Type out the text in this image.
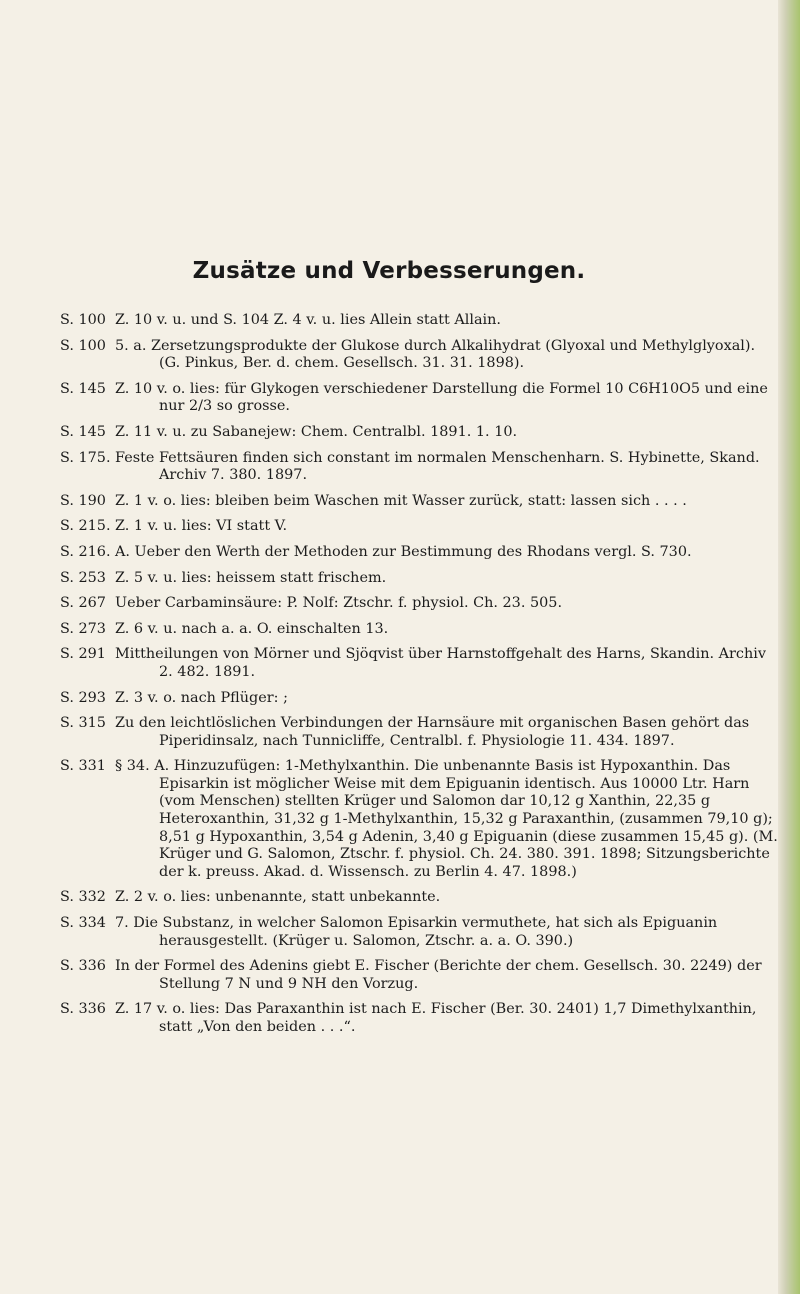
Zusätze und Verbesserungen.
S. 100 Z. 10 v. u. und S. 104 Z. 4 v. u. lies Allein statt Allain.
S. 100 5. a. Zersetzungsprodukte der Glukose durch Alkalihydrat (Glyoxal und Methylglyoxal). (G. Pinkus, Ber. d. chem. Gesellsch. 31. 31. 1898).
S. 145 Z. 10 v. o. lies: für Glykogen verschiedener Darstellung die Formel 10 C6H10O5 und eine nur 2/3 so grosse.
S. 145 Z. 11 v. u. zu Sabanejew: Chem. Centralbl. 1891. 1. 10.
S. 175. Feste Fettsäuren finden sich constant im normalen Menschenharn. S. Hybinette, Skand. Archiv 7. 380. 1897.
S. 190 Z. 1 v. o. lies: bleiben beim Waschen mit Wasser zurück, statt: lassen sich . . . .
S. 215. Z. 1 v. u. lies: VI statt V.
S. 216. A. Ueber den Werth der Methoden zur Bestimmung des Rhodans vergl. S. 730.
S. 253 Z. 5 v. u. lies: heissem statt frischem.
S. 267 Ueber Carbaminsäure: P. Nolf: Ztschr. f. physiol. Ch. 23. 505.
S. 273 Z. 6 v. u. nach a. a. O. einschalten 13.
S. 291 Mittheilungen von Mörner und Sjöqvist über Harnstoffgehalt des Harns, Skandin. Archiv 2. 482. 1891.
S. 293 Z. 3 v. o. nach Pflüger: ;
S. 315 Zu den leichtlöslichen Verbindungen der Harnsäure mit organischen Basen gehört das Piperidinsalz, nach Tunnicliffe, Centralbl. f. Physiologie 11. 434. 1897.
S. 331 § 34. A. Hinzuzufügen: 1-Methylxanthin. Die unbenannte Basis ist Hypoxanthin. Das Episarkin ist möglicher Weise mit dem Epiguanin identisch. Aus 10000 Ltr. Harn (vom Menschen) stellten Krüger und Salomon dar 10,12 g Xanthin, 22,35 g Heteroxanthin, 31,32 g 1-Methylxanthin, 15,32 g Paraxanthin, (zusammen 79,10 g); 8,51 g Hypoxanthin, 3,54 g Adenin, 3,40 g Epiguanin (diese zusammen 15,45 g). (M. Krüger und G. Salomon, Ztschr. f. physiol. Ch. 24. 380. 391. 1898; Sitzungsberichte der k. preuss. Akad. d. Wissensch. zu Berlin 4. 47. 1898.)
S. 332 Z. 2 v. o. lies: unbenannte, statt unbekannte.
S. 334 7. Die Substanz, in welcher Salomon Episarkin vermuthete, hat sich als Epiguanin herausgestellt. (Krüger u. Salomon, Ztschr. a. a. O. 390.)
S. 336 In der Formel des Adenins giebt E. Fischer (Berichte der chem. Gesellsch. 30. 2249) der Stellung 7 N und 9 NH den Vorzug.
S. 336 Z. 17 v. o. lies: Das Paraxanthin ist nach E. Fischer (Ber. 30. 2401) 1,7 Dimethylxanthin, statt „Von den beiden . . .“.
